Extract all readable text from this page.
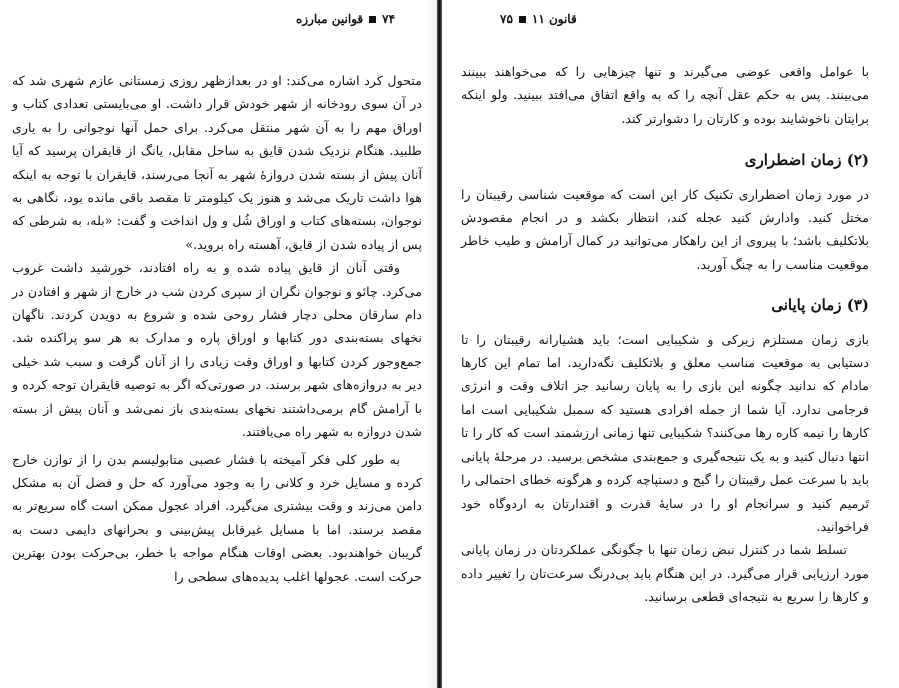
۷۴قوانین مبارزه

متحول کرد اشاره می‌کند: او در بعدازظهر روزی زمستانی عازم شهری شد که در آن سوی رودخانه از شهر خودش قرار داشت. او می‌بایستی تعدادی کتاب و اوراق مهم را به آن شهر منتقل می‌کرد. برای حمل آنها نوجوانی را به یاری طلبید. هنگام نزدیک شدن قایق به ساحل مقابل، یانگ از قایقران پرسید که آیا آنان پیش از بسته شدن دروازهٔ شهر به آنجا می‌رسند، قایقران با توجه به اینکه هوا داشت تاریک می‌شد و هنوز یک کیلومتر تا مقصد باقی مانده بود، نگاهی به نوجوان، بسته‌های کتاب و اوراق شُل و ول انداخت و گفت: «بله، به شرطی که پس از پیاده شدن از قایق، آهسته راه بروید.»

وقتی آنان از قایق پیاده شده و به راه افتادند، خورشید داشت غروب می‌کرد. چائو و نوجوان نگران از سپری کردن شب در خارج از شهر و افتادن در دام سارقان محلی دچار فشار روحی شده و شروع به دویدن کردند. ناگهان نخهای بسته‌بندی دور کتابها و اوراق پاره و مدارک به هر سو پراکنده شد. جمع‌وجور کردن کتابها و اوراق وقت زیادی را از آنان گرفت و سبب شد خیلی دیر به دروازه‌های شهر برسند. در صورتی‌که اگر به توصیه قایقران توجه کرده و با آرامش گام برمی‌داشتند نخهای بسته‌بندی باز نمی‌شد و آنان پیش از بسته شدن دروازه به شهر راه می‌یافتند.

به طور کلی فکر آمیخته با فشار عصبی متابولیسم بدن را از توازن خارج کرده و مسایل خرد و کلانی را به وجود می‌آورد که حل و فصل آن به مشکل دامن می‌زند و وقت بیشتری می‌گیرد. افراد عجول ممکن است گاه سریع‌تر به مقصد برسند. اما با مسایل غیرقابل پیش‌بینی و بحرانهای دایمی دست به گریبان خواهندبود. بعضی اوقات هنگام مواجه با خطر، بی‌حرکت بودن بهترین حرکت است. عجولها اغلب پدیده‌های سطحی را

قانون ۱۱۷۵

با عوامل واقعی عوضی می‌گیرند و تنها چیزهایی را که می‌خواهند ببینند می‌بینند. پس به حکم عقل آنچه را که به واقع اتفاق می‌افتد ببینید. ولو اینکه برایتان ناخوشایند بوده و کارتان را دشوارتر کند.

(۲) زمان اضطراری

در مورد زمان اضطراری تکنیک کار این است که موقعیت شناسی رقیبتان را مختل کنید. وادارش کنید عجله کند، انتظار بکشد و در انجام مقصودش بلاتکلیف باشد؛ با پیروی از این راهکار می‌توانید در کمال آرامش و طیب خاطر موقعیت مناسب را به چنگ آورید.

(۳) زمان پایانی

بازی زمان مستلزم زیرکی و شکیبایی است؛ باید هشیارانه رقیبتان را تا دستیابی به موقعیت مناسب معلق و بلاتکلیف نگه‌دارید. اما تمام این کارها مادام که ندانید چگونه این بازی را به پایان رسانید جز اتلاف وقت و انرژی فرجامی ندارد. آیا شما از جمله افرادی هستید که سمبل شکیبایی است اما کارها را نیمه کاره رها می‌کنند؟ شکیبایی تنها زمانی ارزشمند است که کار را تا انتها دنبال کنید و به یک نتیجه‌گیری و جمع‌بندی مشخص برسید. در مرحلهٔ پایانی باید با سرعت عمل رقیبتان را گیج و دستپاچه کرده و هرگونه خطای احتمالی را تَرمیم کنید و سرانجام او را در سایهٔ قدرت و اقتدارتان به اردوگاه خود فراخوانید.

تسلط شما در کنترل نبض زمان تنها با چگونگی عملکردتان در زمان پایانی مورد ارزیابی قرار می‌گیرد. در این هنگام باید بی‌درنگ سرعت‌تان را تغییر داده و کارها را سریع به نتیجه‌ای قطعی برسانید.
